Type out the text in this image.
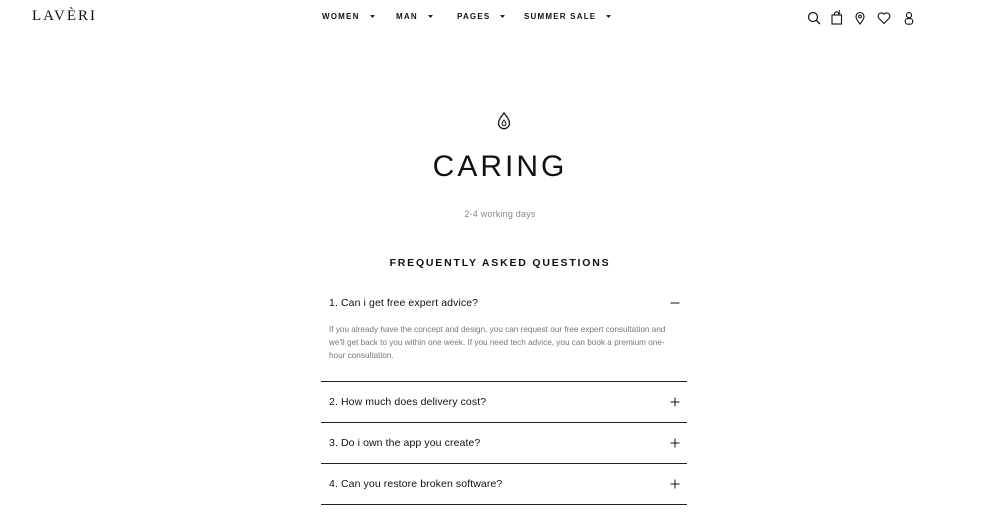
LAVÈRI	WOMEN	MAN	PAGES	SUMMER SALE	1
CARING
2-4 working days
FREQUENTLY ASKED QUESTIONS
1. Can i get free expert advice?

If you already have the concept and design, you can request our free expert consultation and we'll get back to you within one week. If you need tech advice, you can book a premium one-hour consultation.

2. How much does delivery cost?
3. Do i own the app you create?
4. Can you restore broken software?
